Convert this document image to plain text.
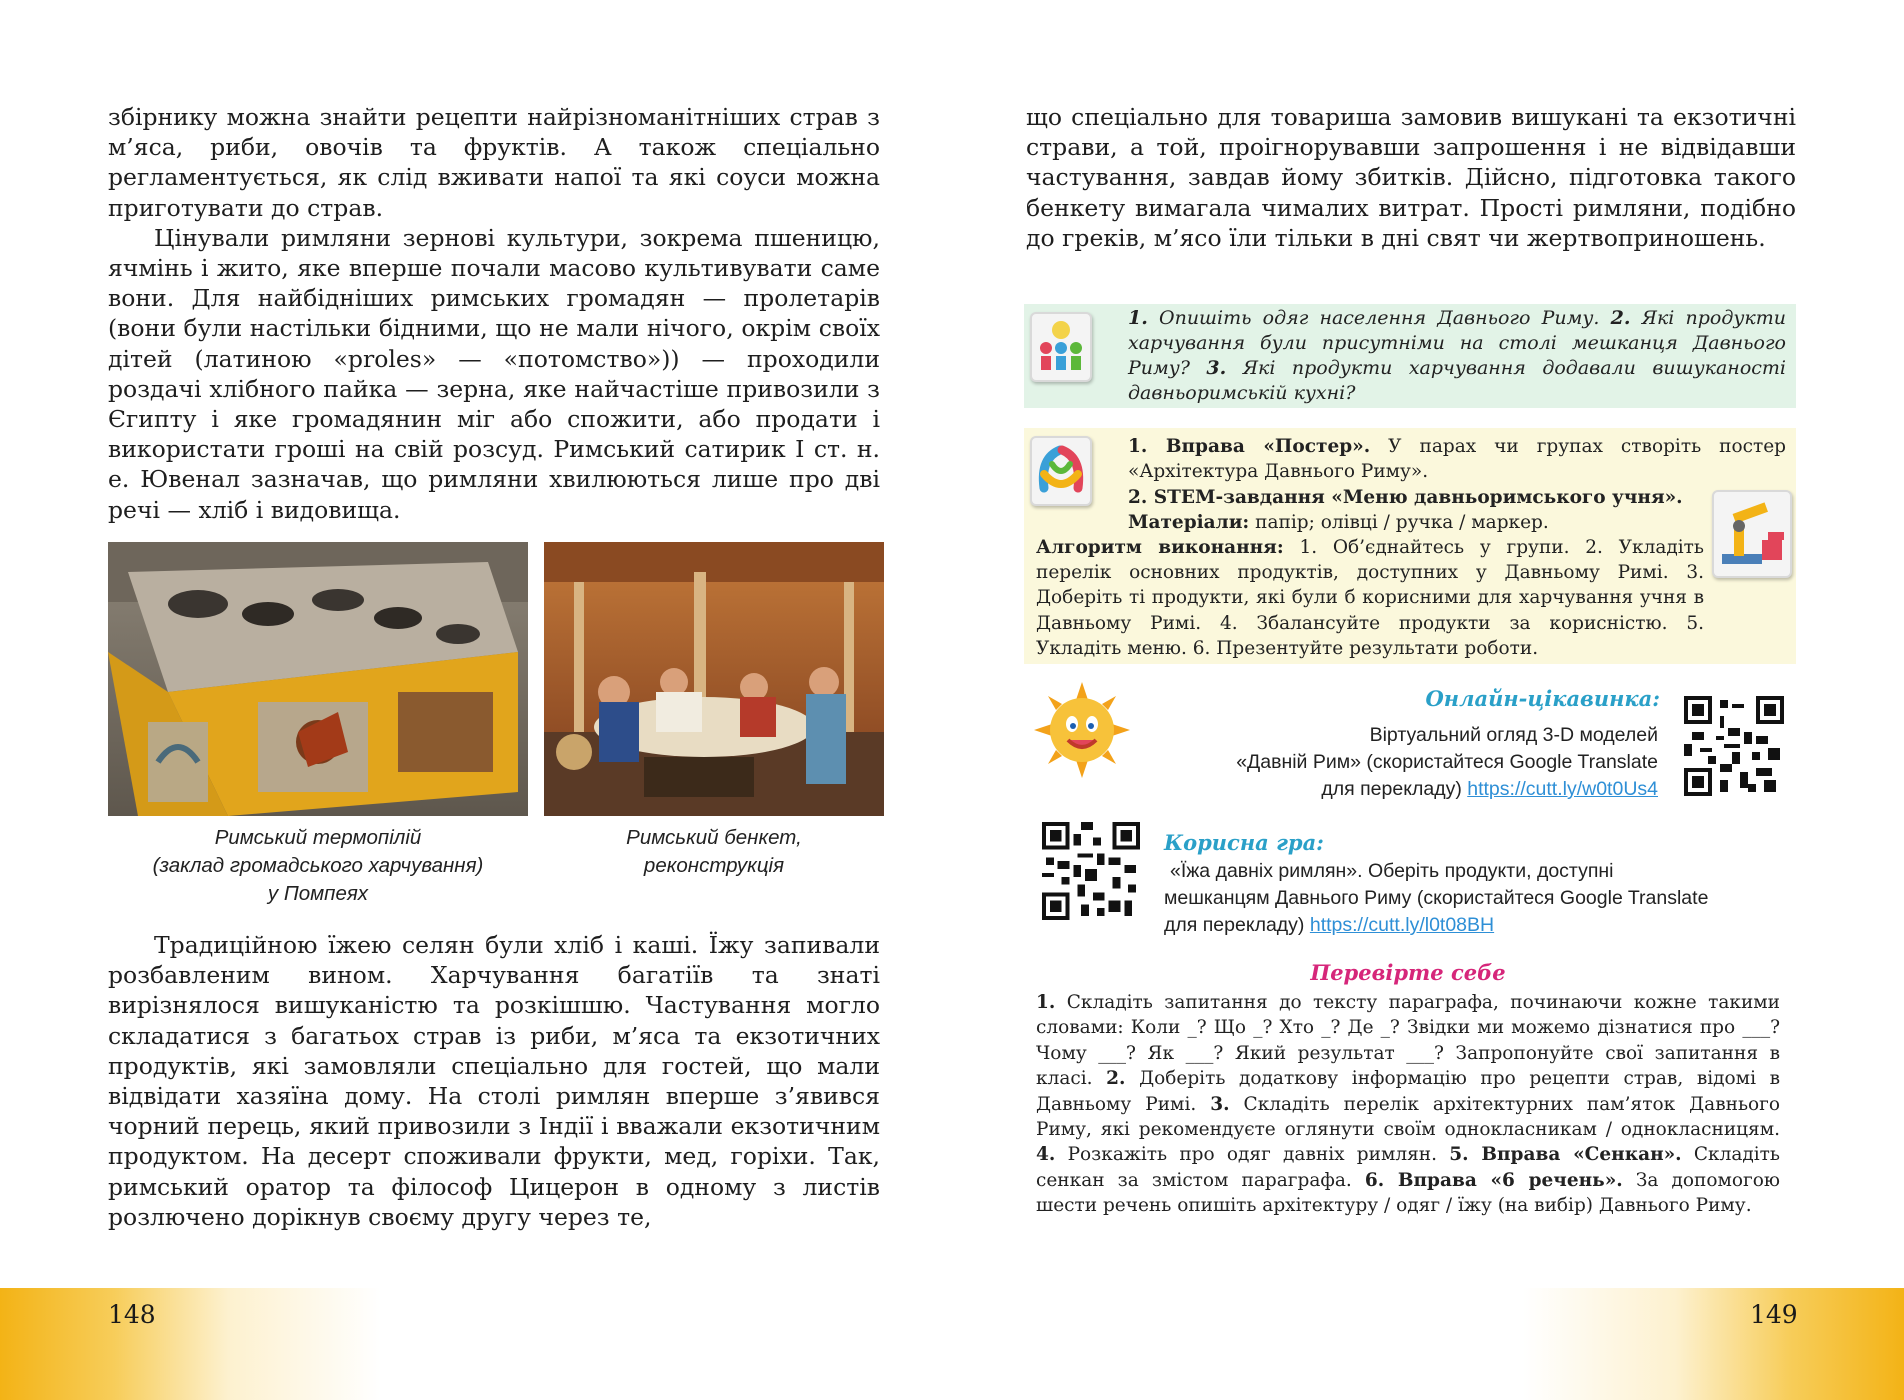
збірнику можна знайти рецепти найрізноманітніших страв з м’яса, риби, овочів та фруктів. А також спеціально регламентується, як слід вживати напої та які соуси можна приготувати до страв.

Цінували римляни зернові культури, зокрема пшеницю, ячмінь і жито, яке вперше почали масово культивувати саме вони. Для найбідніших римських громадян — пролетарів (вони були настільки бідними, що не мали нічого, окрім своїх дітей (латиною «proles» — «потомство»)) — проходили роздачі хлібного пайка — зерна, яке найчастіше привозили з Єгипту і яке громадянин міг або спожити, або продати і використати гроші на свій розсуд. Римський сатирик I ст. н. е. Ювенал зазначав, що римляни хвилюються лише про дві речі — хліб і видовища.

Римський термопілій
(заклад громадського харчування)
у Помпеях
Римський бенкет,
реконструкція

Традиційною їжею селян були хліб і каші. Їжу запивали розбавленим вином. Харчування багатіїв та знаті вирізнялося вишуканістю та розкішшю. Частування могло складатися з багатьох страв із риби, м’яса та екзотичних продуктів, які замовляли спеціально для гостей, що мали відвідати хазяїна дому. На столі римлян вперше з’явився чорний перець, який привозили з Індії і вважали екзотичним продуктом. На десерт споживали фрукти, мед, горіхи. Так, римський оратор та філософ Цицерон в одному з листів розлючено дорікнув своєму другу через те,

148

що спеціально для товариша замовив вишукані та екзотичні страви, а той, проігнорувавши запрошення і не відвідавши частування, завдав йому збитків. Дійсно, підготовка такого бенкету вимагала чималих витрат. Прості римляни, подібно до греків, м’ясо їли тільки в дні свят чи жертвоприношень.

1. Опишіть одяг населення Давнього Риму. 2. Які продукти харчування були присутніми на столі мешканця Давнього Риму? 3. Які продукти харчування додавали вишуканості давньоримській кухні?
1. Вправа «Постер». У парах чи групах створіть постер «Архітектура Давнього Риму».
2. STEM-завдання «Меню давньоримського учня».
Матеріали: папір; олівці / ручка / маркер.
Алгоритм виконання: 1. Об’єднайтесь у групи. 2. Укладіть перелік основних продуктів, доступних у Давньому Римі. 3. Доберіть ті продукти, які були б корисними для харчування учня в Давньому Римі. 4. Збалансуйте продукти за корисністю. 5. Укладіть меню. 6. Презентуйте результати роботи.
Онлайн-цікавинка:
Віртуальний огляд 3-D моделей
«Давній Рим» (скористайтеся Google Translate
для перекладу) https://cutt.ly/w0t0Us4
Корисна гра:
«Їжа давніх римлян». Оберіть продукти, доступні
мешканцям Давнього Риму (скористайтеся Google Translate
для перекладу) https://cutt.ly/l0t08BH
Перевірте себе
1. Складіть запитання до тексту параграфа, починаючи кожне такими словами: Коли _? Що _? Хто _? Де _? Звідки ми можемо дізнатися про ___? Чому ___? Як ___? Який результат ___? Запропонуйте свої запитання в класі. 2. Доберіть додаткову інформацію про рецепти страв, відомі в Давньому Римі. 3. Складіть перелік архітектурних пам’яток Давнього Риму, які рекомендуєте оглянути своїм однокласникам / однокласницям. 4. Розкажіть про одяг давніх римлян. 5. Вправа «Сенкан». Складіть сенкан за змістом параграфа. 6. Вправа «6 речень». За допомогою шести речень опишіть архітектуру / одяг / їжу (на вибір) Давнього Риму.
149
